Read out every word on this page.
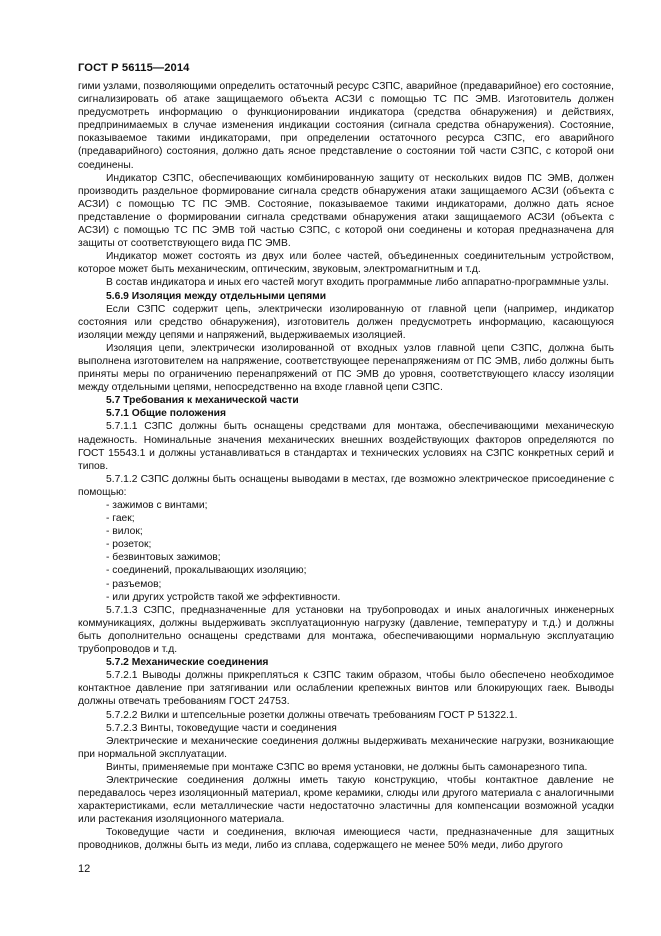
ГОСТ Р 56115—2014

гими узлами, позволяющими определить остаточный ресурс СЗПС, аварийное (предаварийное) его состояние, сигнализировать об атаке защищаемого объекта АСЗИ с помощью ТС ПС ЭМВ. Изготовитель должен предусмотреть информацию о функционировании индикатора (средства обнаружения) и действиях, предпринимаемых в случае изменения индикации состояния (сигнала средства обнаружения). Состояние, показываемое такими индикаторами, при определении остаточного ресурса СЗПС, его аварийного (предаварийного) состояния, должно дать ясное представление о состоянии той части СЗПС, с которой они соединены.

Индикатор СЗПС, обеспечивающих комбинированную защиту от нескольких видов ПС ЭМВ, должен производить раздельное формирование сигнала средств обнаружения атаки защищаемого АСЗИ (объекта с АСЗИ) с помощью ТС ПС ЭМВ. Состояние, показываемое такими индикаторами, должно дать ясное представление о формировании сигнала средствами обнаружения атаки защищаемого АСЗИ (объекта с АСЗИ) с помощью ТС ПС ЭМВ той частью СЗПС, с которой они соединены и которая предназначена для защиты от соответствующего вида ПС ЭМВ.

Индикатор может состоять из двух или более частей, объединенных соединительным устройством, которое может быть механическим, оптическим, звуковым, электромагнитным и т.д.

В состав индикатора и иных его частей могут входить программные либо аппаратно-программные узлы.

5.6.9 Изоляция между отдельными цепями

Если СЗПС содержит цепь, электрически изолированную от главной цепи (например, индикатор состояния или средство обнаружения), изготовитель должен предусмотреть информацию, касающуюся изоляции между цепями и напряжений, выдерживаемых изоляцией.

Изоляция цепи, электрически изолированной от входных узлов главной цепи СЗПС, должна быть выполнена изготовителем на напряжение, соответствующее перенапряжениям от ПС ЭМВ, либо должны быть приняты меры по ограничению перенапряжений от ПС ЭМВ до уровня, соответствующего классу изоляции между отдельными цепями, непосредственно на входе главной цепи СЗПС.

5.7 Требования к механической части

5.7.1 Общие положения

5.7.1.1 СЗПС должны быть оснащены средствами для монтажа, обеспечивающими механическую надежность. Номинальные значения механических внешних воздействующих факторов определяются по ГОСТ 15543.1 и должны устанавливаться в стандартах и технических условиях на СЗПС конкретных серий и типов.

5.7.1.2 СЗПС должны быть оснащены выводами в местах, где возможно электрическое присоединение с помощью:

- зажимов с винтами;

- гаек;

- вилок;

- розеток;

- безвинтовых зажимов;

- соединений, прокалывающих изоляцию;

- разъемов;

- или других устройств такой же эффективности.

5.7.1.3 СЗПС, предназначенные для установки на трубопроводах и иных аналогичных инженерных коммуникациях, должны выдерживать эксплуатационную нагрузку (давление, температуру и т.д.) и должны быть дополнительно оснащены средствами для монтажа, обеспечивающими нормальную эксплуатацию трубопроводов и т.д.

5.7.2 Механические соединения

5.7.2.1 Выводы должны прикрепляться к СЗПС таким образом, чтобы было обеспечено необходимое контактное давление при затягивании или ослаблении крепежных винтов или блокирующих гаек. Выводы должны отвечать требованиям ГОСТ 24753.

5.7.2.2 Вилки и штепсельные розетки должны отвечать требованиям ГОСТ Р 51322.1.

5.7.2.3 Винты, токоведущие части и соединения

Электрические и механические соединения должны выдерживать механические нагрузки, возникающие при нормальной эксплуатации.

Винты, применяемые при монтаже СЗПС во время установки, не должны быть самонарезного типа.

Электрические соединения должны иметь такую конструкцию, чтобы контактное давление не передавалось через изоляционный материал, кроме керамики, слюды или другого материала с аналогичными характеристиками, если металлические части недостаточно эластичны для компенсации возможной усадки или растекания изоляционного материала.

Токоведущие части и соединения, включая имеющиеся части, предназначенные для защитных проводников, должны быть из меди, либо из сплава, содержащего не менее 50% меди, либо другого

12
